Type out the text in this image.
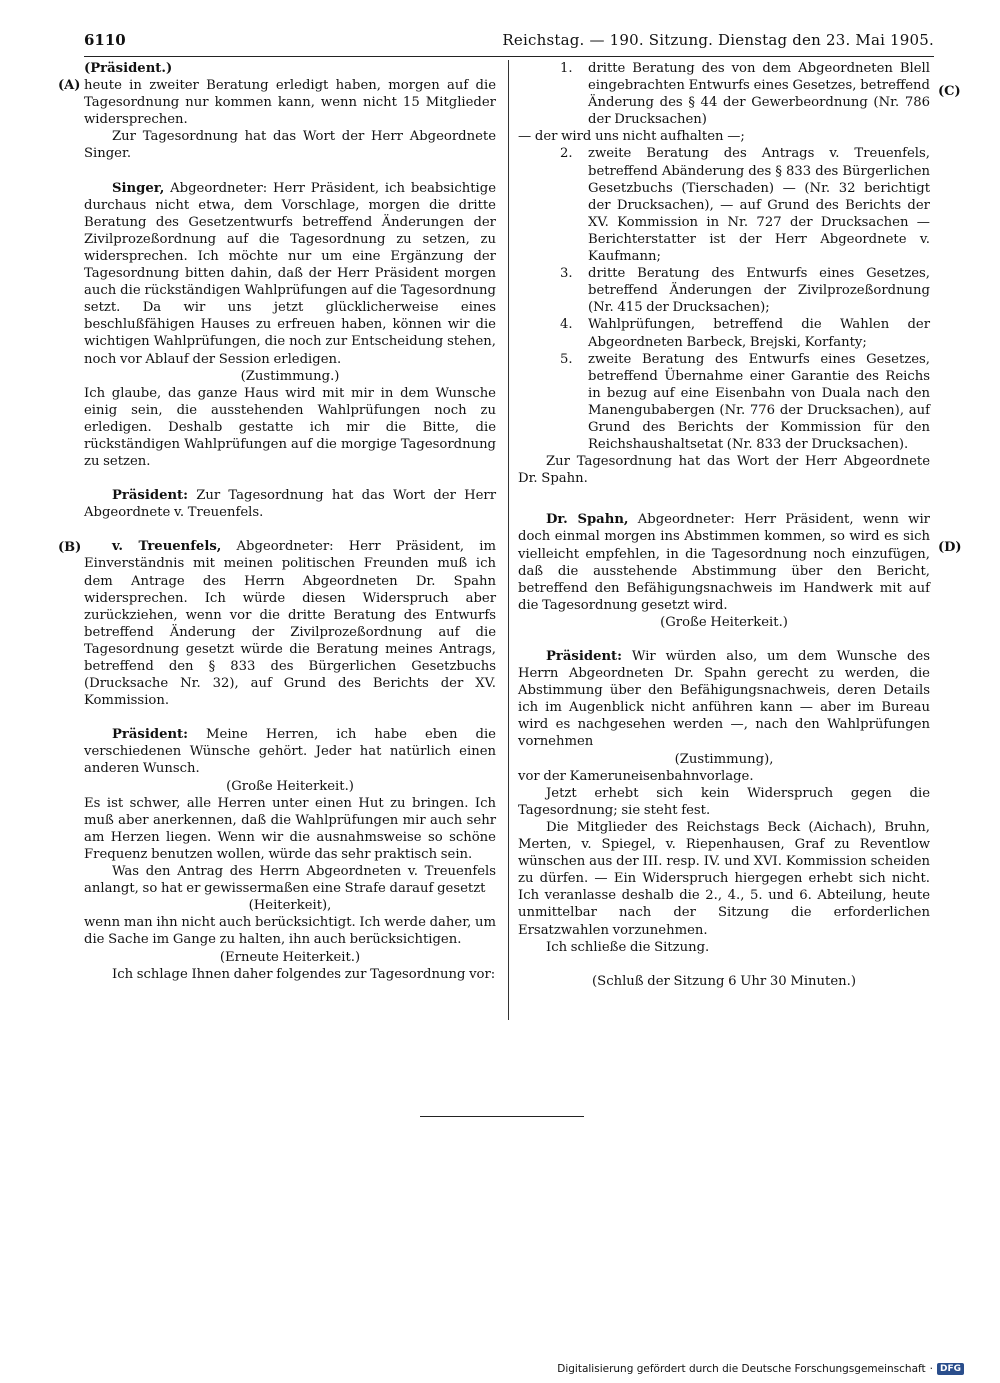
6110	Reichstag. — 190. Sitzung. Dienstag den 23. Mai 1905.
(A)
(B)
(C)
(D)

(Präsident.)

heute in zweiter Beratung erledigt haben, morgen auf die Tagesordnung nur kommen kann, wenn nicht 15 Mitglieder widersprechen.

Zur Tagesordnung hat das Wort der Herr Abgeordnete Singer.

Singer, Abgeordneter: Herr Präsident, ich beabsichtige durchaus nicht etwa, dem Vorschlage, morgen die dritte Beratung des Gesetzentwurfs betreffend Änderungen der Zivilprozeßordnung auf die Tagesordnung zu setzen, zu widersprechen. Ich möchte nur um eine Ergänzung der Tagesordnung bitten dahin, daß der Herr Präsident morgen auch die rückständigen Wahlprüfungen auf die Tagesordnung setzt. Da wir uns jetzt glücklicherweise eines beschlußfähigen Hauses zu erfreuen haben, können wir die wichtigen Wahlprüfungen, die noch zur Entscheidung stehen, noch vor Ablauf der Session erledigen.

(Zustimmung.)

Ich glaube, das ganze Haus wird mit mir in dem Wunsche einig sein, die ausstehenden Wahlprüfungen noch zu erledigen. Deshalb gestatte ich mir die Bitte, die rückständigen Wahlprüfungen auf die morgige Tagesordnung zu setzen.

Präsident: Zur Tagesordnung hat das Wort der Herr Abgeordnete v. Treuenfels.

v. Treuenfels, Abgeordneter: Herr Präsident, im Einverständnis mit meinen politischen Freunden muß ich dem Antrage des Herrn Abgeordneten Dr. Spahn widersprechen. Ich würde diesen Widerspruch aber zurückziehen, wenn vor die dritte Beratung des Entwurfs betreffend Änderung der Zivilprozeßordnung auf die Tagesordnung gesetzt würde die Beratung meines Antrags, betreffend den § 833 des Bürgerlichen Gesetzbuchs (Drucksache Nr. 32), auf Grund des Berichts der XV. Kommission.

Präsident: Meine Herren, ich habe eben die verschiedenen Wünsche gehört. Jeder hat natürlich einen anderen Wunsch.

(Große Heiterkeit.)

Es ist schwer, alle Herren unter einen Hut zu bringen. Ich muß aber anerkennen, daß die Wahlprüfungen mir auch sehr am Herzen liegen. Wenn wir die ausnahmsweise so schöne Frequenz benutzen wollen, würde das sehr praktisch sein.

Was den Antrag des Herrn Abgeordneten v. Treuenfels anlangt, so hat er gewissermaßen eine Strafe darauf gesetzt

(Heiterkeit),

wenn man ihn nicht auch berücksichtigt. Ich werde daher, um die Sache im Gange zu halten, ihn auch berücksichtigen.

(Erneute Heiterkeit.)

Ich schlage Ihnen daher folgendes zur Tagesordnung vor:

1. dritte Beratung des von dem Abgeordneten Blell eingebrachten Entwurfs eines Gesetzes, betreffend Änderung des § 44 der Gewerbeordnung (Nr. 786 der Drucksachen)

— der wird uns nicht aufhalten —;

2. zweite Beratung des Antrags v. Treuenfels, betreffend Abänderung des § 833 des Bürgerlichen Gesetzbuchs (Tierschaden) — (Nr. 32 berichtigt der Drucksachen), — auf Grund des Berichts der XV. Kommission in Nr. 727 der Drucksachen — Berichterstatter ist der Herr Abgeordnete v. Kaufmann;

3. dritte Beratung des Entwurfs eines Gesetzes, betreffend Änderungen der Zivilprozeßordnung (Nr. 415 der Drucksachen);

4. Wahlprüfungen, betreffend die Wahlen der Abgeordneten Barbeck, Brejski, Korfanty;

5. zweite Beratung des Entwurfs eines Gesetzes, betreffend Übernahme einer Garantie des Reichs in bezug auf eine Eisenbahn von Duala nach den Manengubabergen (Nr. 776 der Drucksachen), auf Grund des Berichts der Kommission für den Reichshaushaltsetat (Nr. 833 der Drucksachen).

Zur Tagesordnung hat das Wort der Herr Abgeordnete Dr. Spahn.

Dr. Spahn, Abgeordneter: Herr Präsident, wenn wir doch einmal morgen ins Abstimmen kommen, so wird es sich vielleicht empfehlen, in die Tagesordnung noch einzufügen, daß die ausstehende Abstimmung über den Bericht, betreffend den Befähigungsnachweis im Handwerk mit auf die Tagesordnung gesetzt wird.

(Große Heiterkeit.)

Präsident: Wir würden also, um dem Wunsche des Herrn Abgeordneten Dr. Spahn gerecht zu werden, die Abstimmung über den Befähigungsnachweis, deren Details ich im Augenblick nicht anführen kann — aber im Bureau wird es nachgesehen werden —, nach den Wahlprüfungen vornehmen

(Zustimmung),

vor der Kameruneisenbahnvorlage.

Jetzt erhebt sich kein Widerspruch gegen die Tagesordnung; sie steht fest.

Die Mitglieder des Reichstags Beck (Aichach), Bruhn, Merten, v. Spiegel, v. Riepenhausen, Graf zu Reventlow wünschen aus der III. resp. IV. und XVI. Kommission scheiden zu dürfen. — Ein Widerspruch hiergegen erhebt sich nicht. Ich veranlasse deshalb die 2., 4., 5. und 6. Abteilung, heute unmittelbar nach der Sitzung die erforderlichen Ersatzwahlen vorzunehmen.

Ich schließe die Sitzung.

(Schluß der Sitzung 6 Uhr 30 Minuten.)

Digitalisierung gefördert durch die Deutsche Forschungsgemeinschaft · DFG
